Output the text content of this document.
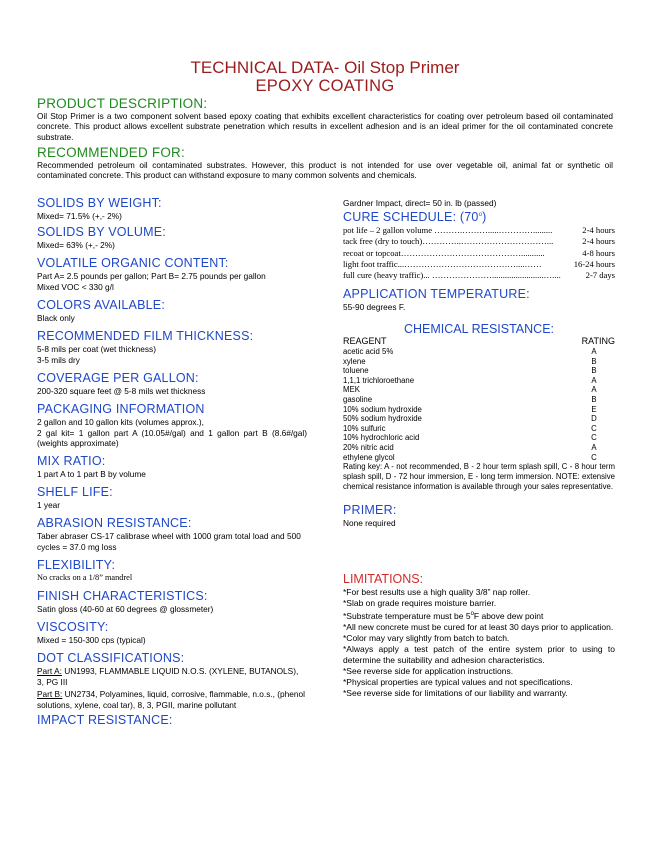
TECHNICAL DATA- Oil Stop Primer
EPOXY COATING
PRODUCT DESCRIPTION:
Oil Stop Primer is a two component solvent based epoxy coating that exhibits excellent characteristics for coating over petroleum based oil contaminated concrete. This product allows excellent substrate penetration which results in excellent adhesion and is an ideal primer for the oil contaminated concrete substrate.
RECOMMENDED FOR:
Recommended petroleum oil contaminated substrates. However, this product is not intended for use over vegetable oil, animal fat or synthetic oil contaminated concrete. This product can withstand exposure to many common solvents and chemicals.
SOLIDS BY WEIGHT:
Mixed= 71.5% (+,- 2%)
SOLIDS BY VOLUME:
Mixed= 63% (+,- 2%)
VOLATILE ORGANIC CONTENT:
Part A= 2.5 pounds per gallon; Part B= 2.75 pounds per gallon
Mixed VOC < 330 g/l
COLORS AVAILABLE:
Black only
RECOMMENDED FILM THICKNESS:
5-8 mils per coat (wet thickness)
3-5 mils dry
COVERAGE PER GALLON:
200-320 square feet @ 5-8 mils wet thickness
PACKAGING INFORMATION
2 gallon and 10 gallon kits (volumes approx.),
2 gal kit= 1 gallon part A (10.05#/gal) and 1 gallon part B (8.6#/gal) (weights approximate)
MIX RATIO:
1 part A to 1 part B by volume
SHELF LIFE:
1 year
ABRASION RESISTANCE:
Taber abraser CS-17 calibrase wheel with 1000 gram total load and 500 cycles = 37.0 mg loss
FLEXIBILITY:
No cracks on a 1/8” mandrel
FINISH CHARACTERISTICS:
Satin gloss (40-60 at 60 degrees @ glossmeter)
VISCOSITY:
Mixed = 150-300 cps (typical)
DOT CLASSIFICATIONS:
Part A: UN1993, FLAMMABLE LIQUID N.O.S. (XYLENE, BUTANOLS), 3, PG III
Part B: UN2734, Polyamines, liquid, corrosive, flammable, n.o.s., (phenol solutions, xylene, coal tar), 8, 3, PGII, marine pollutant
IMPACT RESISTANCE:
Gardner Impact, direct= 50 in. lb (passed)
CURE SCHEDULE: (70$^o$)
pot life – 2 gallon volume ……….……….....………….........	2-4 hours
tack free (dry to touch)…………..…………………………...	2-4 hours
recoat or topcoat……………………………………...........	4-8 hours
light foot traffic...…………………………………....……	16-24 hours
full cure (heavy traffic)... …………………........................…....	2-7 days
APPLICATION TEMPERATURE:
55-90 degrees F.
CHEMICAL RESISTANCE:
REAGENT	RATING
acetic acid 5%	A
xylene	B
toluene	B
1,1,1 trichloroethane	A
MEK	A
gasoline	B
10% sodium hydroxide	E
50% sodium hydroxide	D
10% sulfuric	C
10% hydrochloric acid	C
20% nitric acid	A
ethylene glycol	C
Rating key: A - not recommended, B - 2 hour term splash spill, C - 8 hour term splash spill, D - 72 hour immersion, E - long term immersion. NOTE: extensive chemical resistance information is available through your sales representative.
PRIMER:
None required
LIMITATIONS:
*For best results use a high quality 3/8” nap roller.
*Slab on grade requires moisture barrier.
*Substrate temperature must be 5$^o$F above dew point
*All new concrete must be cured for at least 30 days prior to application.
*Color may vary slightly from batch to batch.
*Always apply a test patch of the entire system prior to using to determine the suitability and adhesion characteristics.
*See reverse side for application instructions.
*Physical properties are typical values and not specifications.
*See reverse side for limitations of our liability and warranty.
